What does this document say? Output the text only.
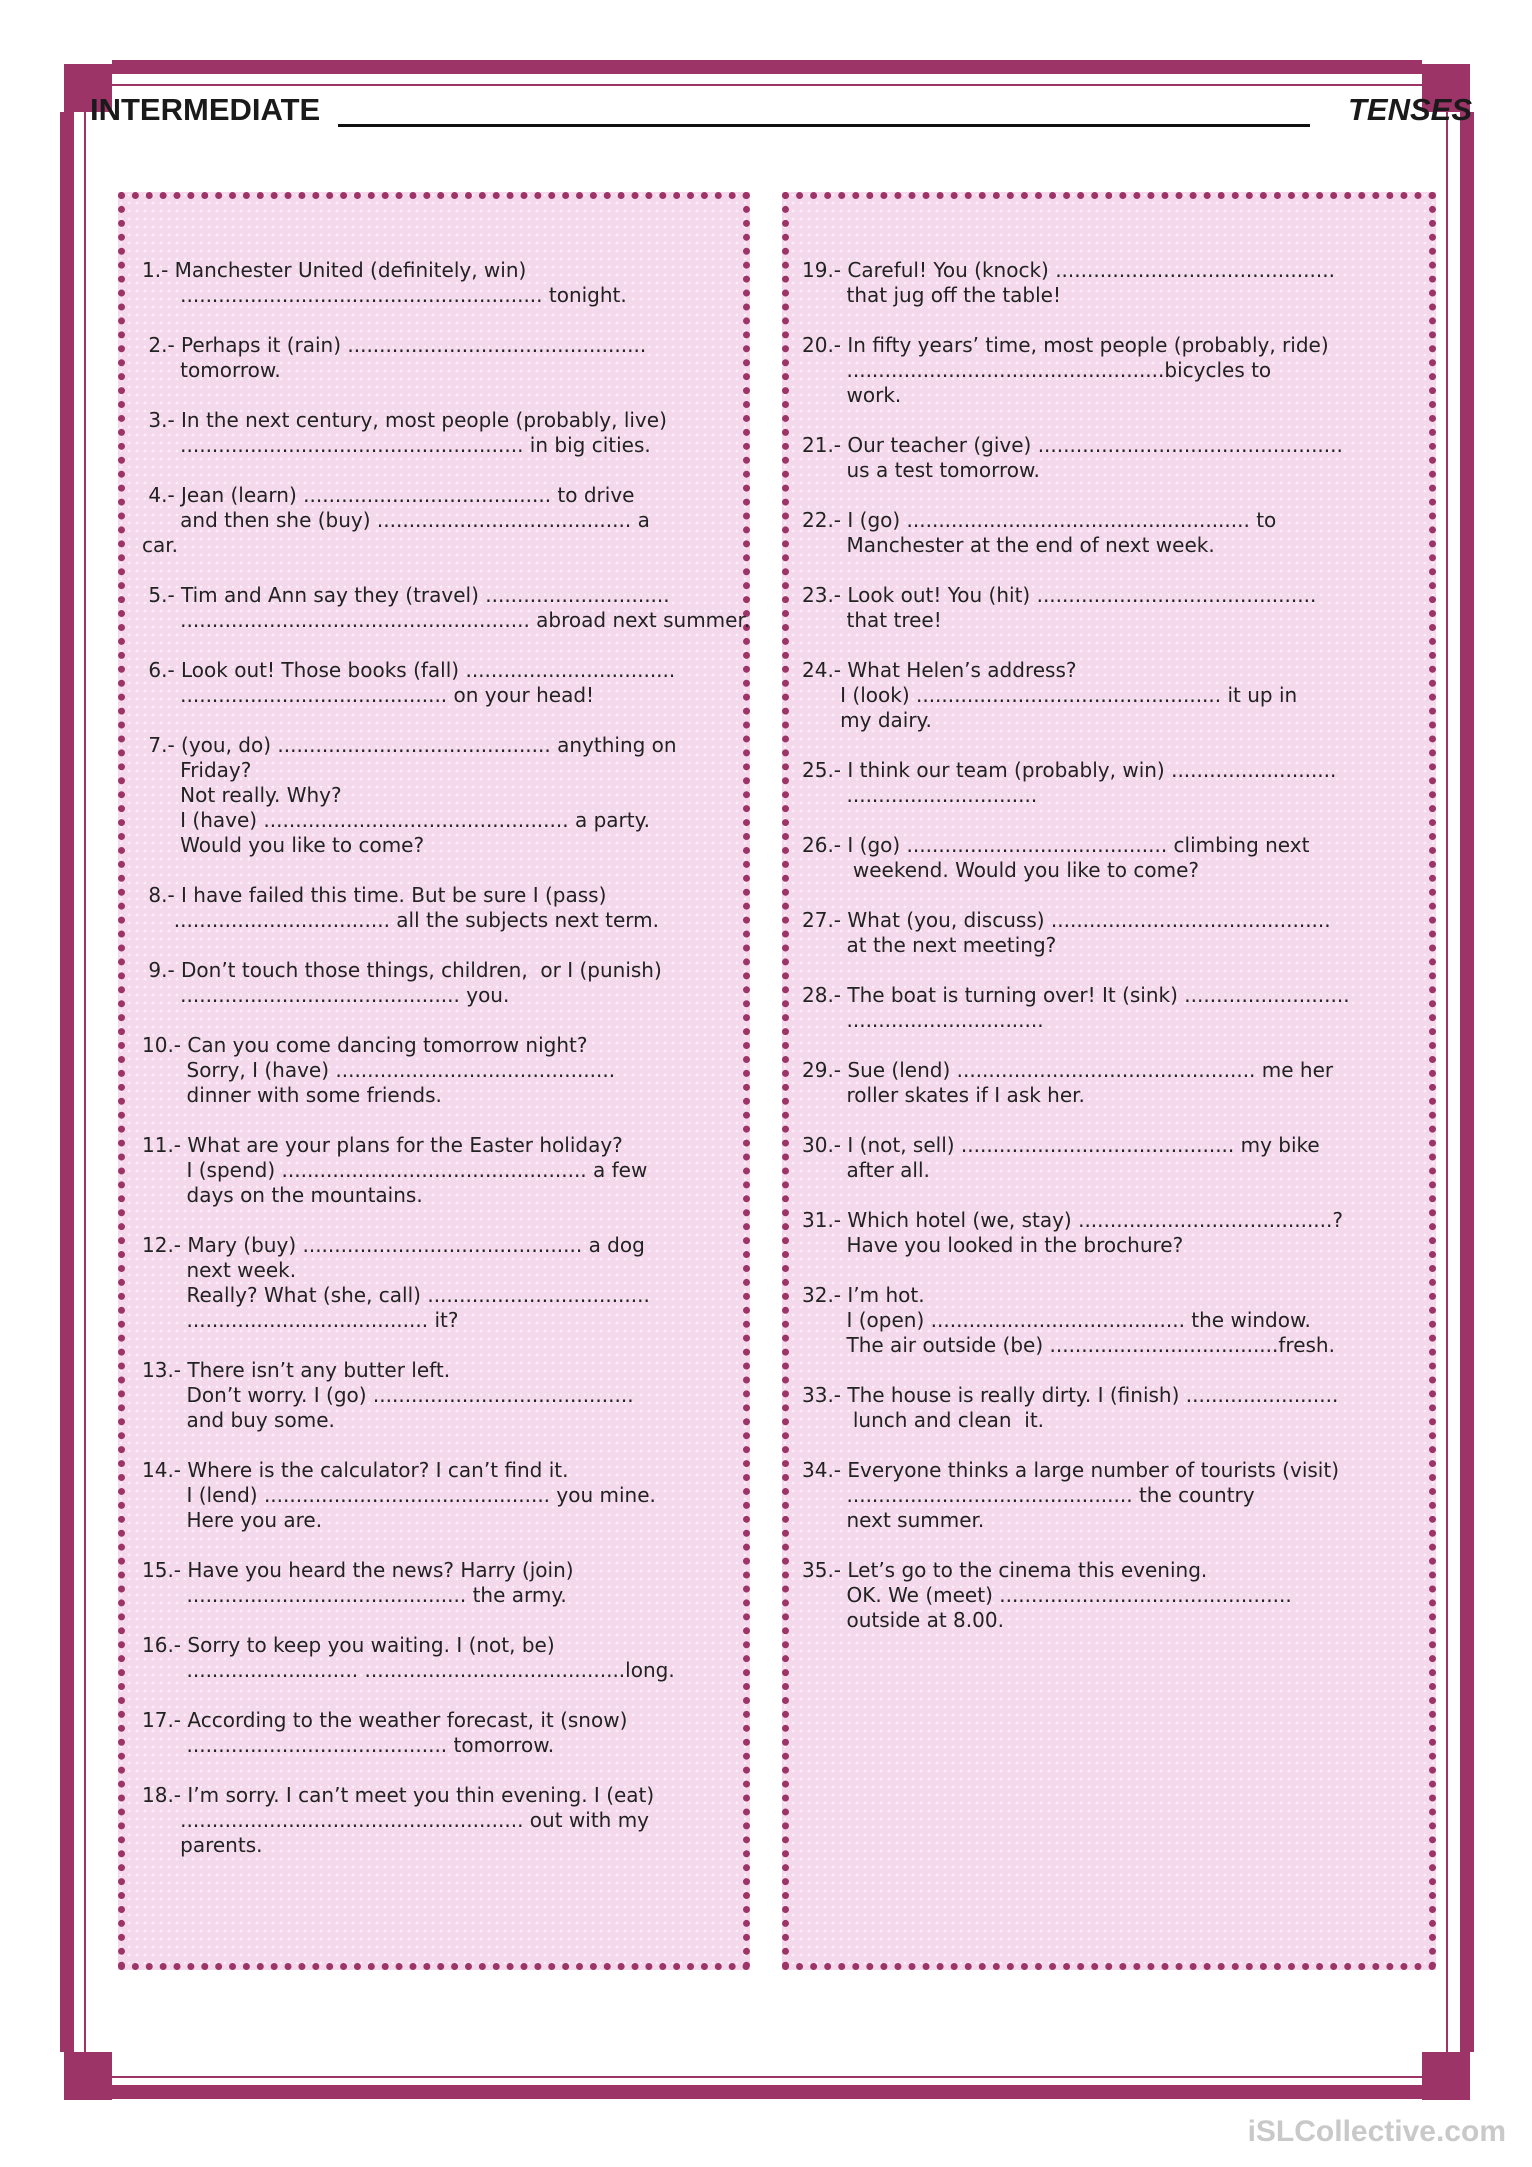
INTERMEDIATE	TENSES
1.- Manchester United (definitely, win)
......................................................... tonight.
2.- Perhaps it (rain) ...............................................
tomorrow.
3.- In the next century, most people (probably, live)
...................................................... in big cities.
4.- Jean (learn) ....................................... to drive
and then she (buy) ........................................ a
car.
5.- Tim and Ann say they (travel) .............................
....................................................... abroad next summer.
6.- Look out! Those books (fall) .................................
.......................................... on your head!
7.- (you, do) ........................................... anything on
Friday?
Not really. Why?
I (have) ................................................ a party.
Would you like to come?
8.- I have failed this time. But be sure I (pass)
.................................. all the subjects next term.
9.- Don’t touch those things, children,  or I (punish)
............................................ you.
10.- Can you come dancing tomorrow night?
Sorry, I (have) ............................................
dinner with some friends.
11.- What are your plans for the Easter holiday?
I (spend) ................................................ a few
days on the mountains.
12.- Mary (buy) ............................................ a dog
next week.
Really? What (she, call) ...................................
...................................... it?
13.- There isn’t any butter left.
Don’t worry. I (go) .........................................
and buy some.
14.- Where is the calculator? I can’t find it.
I (lend) ............................................. you mine.
Here you are.
15.- Have you heard the news? Harry (join)
............................................ the army.
16.- Sorry to keep you waiting. I (not, be)
........................... .........................................long.
17.- According to the weather forecast, it (snow)
......................................... tomorrow.
18.- I’m sorry. I can’t meet you thin evening. I (eat)
...................................................... out with my
parents.
19.- Careful! You (knock) ............................................
that jug off the table!
20.- In fifty years’ time, most people (probably, ride)
..................................................bicycles to
work.
21.- Our teacher (give) ................................................
us a test tomorrow.
22.- I (go) ...................................................... to
Manchester at the end of next week.
23.- Look out! You (hit) ............................................
that tree!
24.- What Helen’s address?
I (look) ................................................ it up in
my dairy.
25.- I think our team (probably, win) ..........................
..............................
26.- I (go) ......................................... climbing next
weekend. Would you like to come?
27.- What (you, discuss) ............................................
at the next meeting?
28.- The boat is turning over! It (sink) ..........................
...............................
29.- Sue (lend) ............................................... me her
roller skates if I ask her.
30.- I (not, sell) ........................................... my bike
after all.
31.- Which hotel (we, stay) ........................................?
Have you looked in the brochure?
32.- I’m hot.
I (open) ........................................ the window.
The air outside (be) ....................................fresh.
33.- The house is really dirty. I (finish) ........................
lunch and clean  it.
34.- Everyone thinks a large number of tourists (visit)
............................................. the country
next summer.
35.- Let’s go to the cinema this evening.
OK. We (meet) ..............................................
outside at 8.00.
iSLCollective.com
